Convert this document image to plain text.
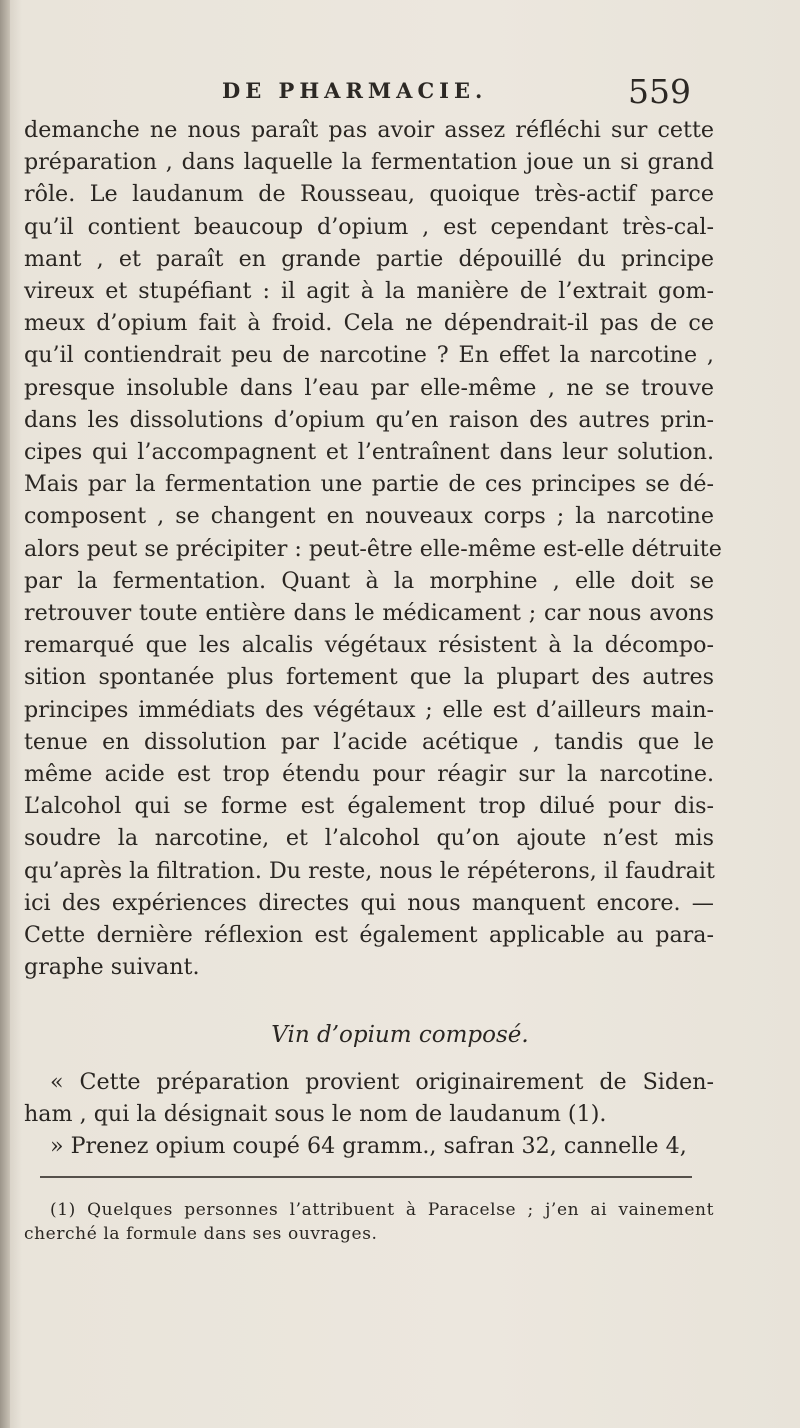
DE PHARMACIE.	559
demanche ne nous paraît pas avoir assez réfléchi sur cette
préparation , dans laquelle la fermentation joue un si grand
rôle. Le laudanum de Rousseau, quoique très-actif parce
qu’il contient beaucoup d’opium , est cependant très-cal-
mant , et paraît en grande partie dépouillé du principe
vireux et stupéfiant : il agit à la manière de l’extrait gom-
meux d’opium fait à froid. Cela ne dépendrait-il pas de ce
qu’il contiendrait peu de narcotine ? En effet la narcotine ,
presque insoluble dans l’eau par elle-même , ne se trouve
dans les dissolutions d’opium qu’en raison des autres prin-
cipes qui l’accompagnent et l’entraînent dans leur solution.
Mais par la fermentation une partie de ces principes se dé-
composent , se changent en nouveaux corps ; la narcotine
alors peut se précipiter : peut-être elle-même est-elle détruite
par la fermentation. Quant à la morphine , elle doit se
retrouver toute entière dans le médicament ; car nous avons
remarqué que les alcalis végétaux résistent à la décompo-
sition spontanée plus fortement que la plupart des autres
principes immédiats des végétaux ; elle est d’ailleurs main-
tenue en dissolution par l’acide acétique , tandis que le
même acide est trop étendu pour réagir sur la narcotine.
L’alcohol qui se forme est également trop dilué pour dis-
soudre la narcotine, et l’alcohol qu’on ajoute n’est mis
qu’après la filtration. Du reste, nous le répéterons, il faudrait
ici des expériences directes qui nous manquent encore. —
Cette dernière réflexion est également applicable au para-
graphe suivant.
Vin d’opium composé.
« Cette préparation provient originairement de Siden-
ham , qui la désignait sous le nom de laudanum (1).
» Prenez opium coupé 64 gramm., safran 32, cannelle 4,
(1) Quelques personnes l’attribuent à Paracelse ; j’en ai vainement
cherché la formule dans ses ouvrages.
